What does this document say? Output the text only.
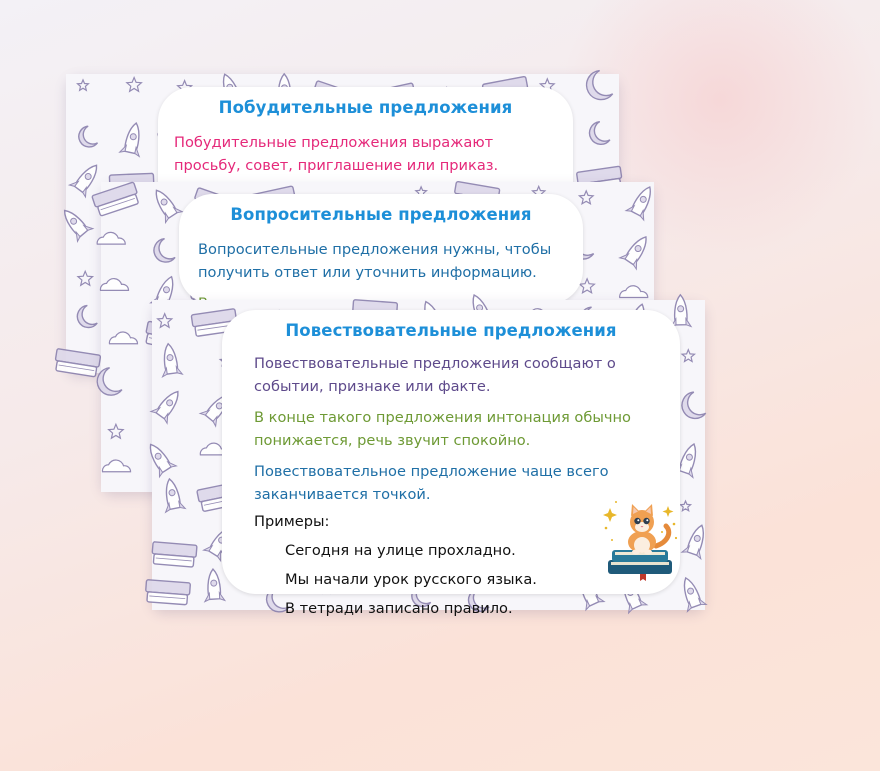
Побудительные предложения

Побудительные предложения выражают просьбу, совет, приглашение или приказ.

Вопросительные предложения

Вопросительные предложения нужны, чтобы получить ответ или уточнить информацию.

Повествовательные предложения

Повествовательные предложения сообщают о событии, признаке или факте.

В конце такого предложения интонация обычно понижается, речь звучит спокойно.

Повествовательное предложение чаще всего заканчивается точкой.

Примеры:
Сегодня на улице прохладно.
Мы начали урок русского языка.
В тетради записано правило.
